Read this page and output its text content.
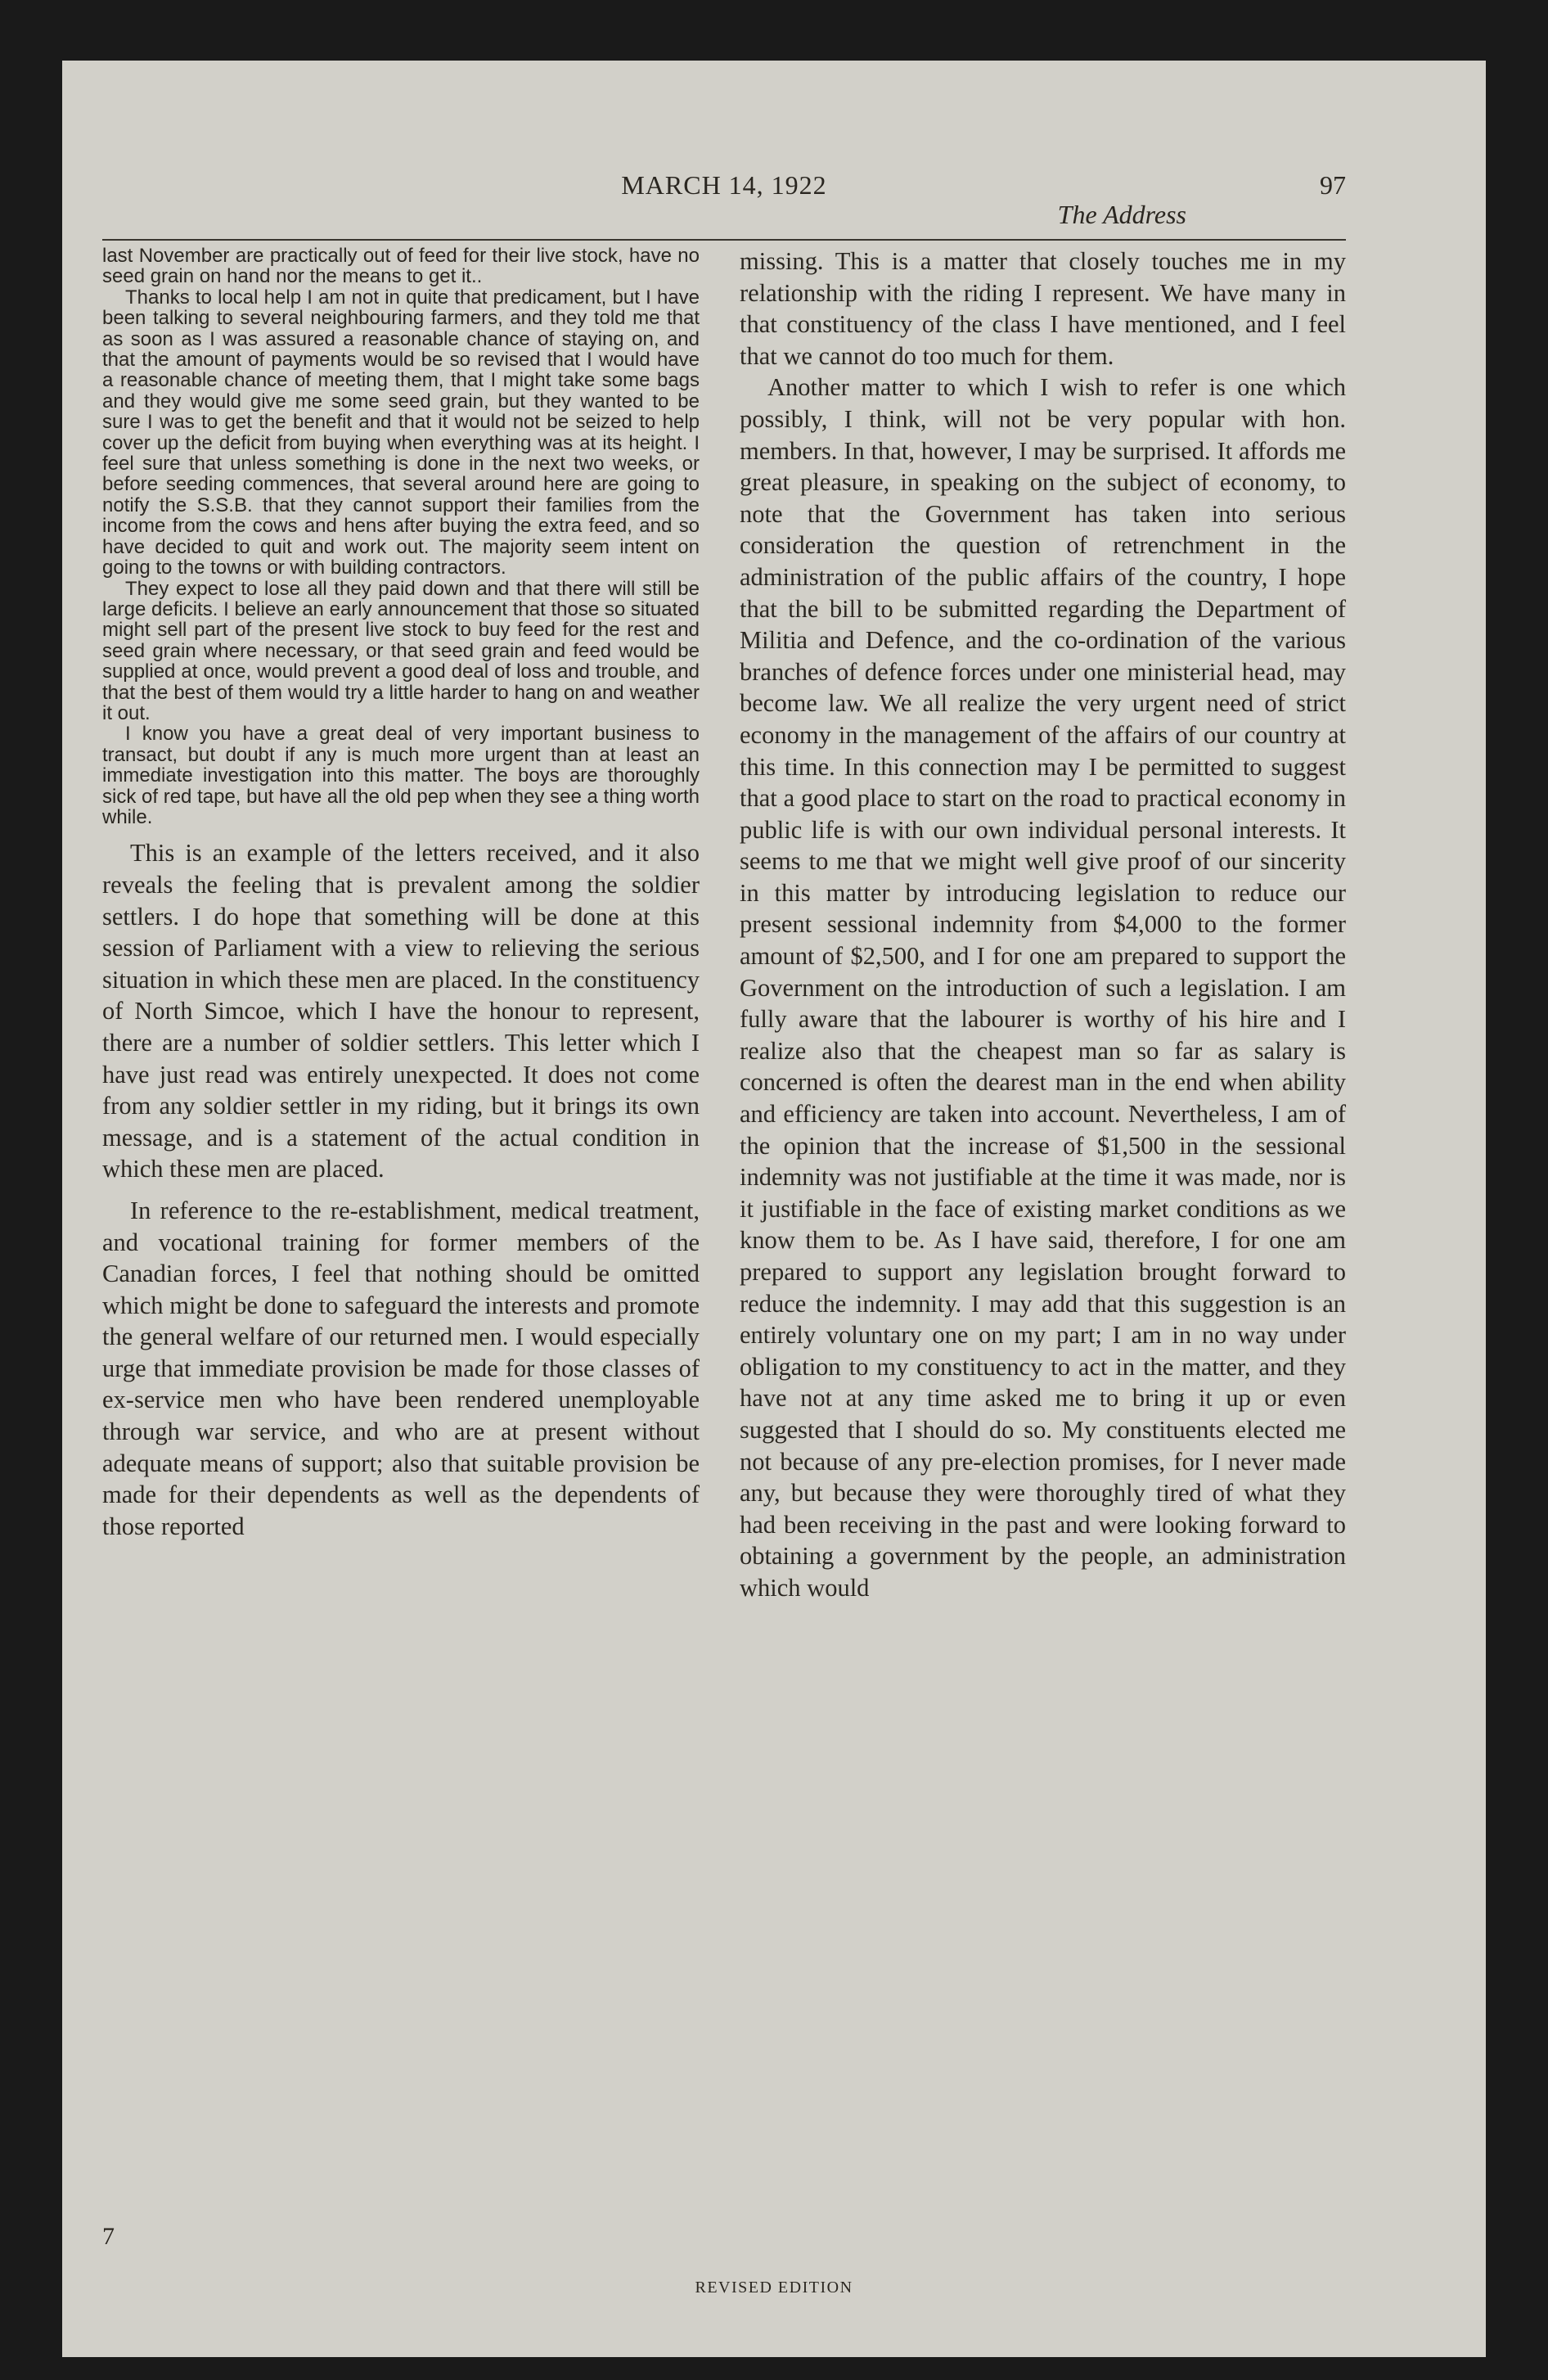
MARCH 14, 1922	97
The Address

last November are practically out of feed for their live stock, have no seed grain on hand nor the means to get it..

Thanks to local help I am not in quite that predicament, but I have been talking to several neighbouring farmers, and they told me that as soon as I was assured a reasonable chance of staying on, and that the amount of payments would be so revised that I would have a reasonable chance of meeting them, that I might take some bags and they would give me some seed grain, but they wanted to be sure I was to get the benefit and that it would not be seized to help cover up the deficit from buying when everything was at its height. I feel sure that unless something is done in the next two weeks, or before seeding commences, that several around here are going to notify the S.S.B. that they cannot support their families from the income from the cows and hens after buying the extra feed, and so have decided to quit and work out. The majority seem intent on going to the towns or with building contractors.

They expect to lose all they paid down and that there will still be large deficits. I believe an early announcement that those so situated might sell part of the present live stock to buy feed for the rest and seed grain where necessary, or that seed grain and feed would be supplied at once, would prevent a good deal of loss and trouble, and that the best of them would try a little harder to hang on and weather it out.

I know you have a great deal of very important business to transact, but doubt if any is much more urgent than at least an immediate investigation into this matter. The boys are thoroughly sick of red tape, but have all the old pep when they see a thing worth while.

This is an example of the letters received, and it also reveals the feeling that is prevalent among the soldier settlers. I do hope that something will be done at this session of Parliament with a view to relieving the serious situation in which these men are placed. In the constituency of North Simcoe, which I have the honour to represent, there are a number of soldier settlers. This letter which I have just read was entirely unexpected. It does not come from any soldier settler in my riding, but it brings its own message, and is a statement of the actual condition in which these men are placed.

In reference to the re-establishment, medical treatment, and vocational training for former members of the Canadian forces, I feel that nothing should be omitted which might be done to safeguard the interests and promote the general welfare of our returned men. I would especially urge that immediate provision be made for those classes of ex-service men who have been rendered unemployable through war service, and who are at present without adequate means of support; also that suitable provision be made for their dependents as well as the dependents of those reported

missing. This is a matter that closely touches me in my relationship with the riding I represent. We have many in that constituency of the class I have mentioned, and I feel that we cannot do too much for them.

Another matter to which I wish to refer is one which possibly, I think, will not be very popular with hon. members. In that, however, I may be surprised. It affords me great pleasure, in speaking on the subject of economy, to note that the Government has taken into serious consideration the question of retrenchment in the administration of the public affairs of the country, I hope that the bill to be submitted regarding the Department of Militia and Defence, and the co-ordination of the various branches of defence forces under one ministerial head, may become law. We all realize the very urgent need of strict economy in the management of the affairs of our country at this time. In this connection may I be permitted to suggest that a good place to start on the road to practical economy in public life is with our own individual personal interests. It seems to me that we might well give proof of our sincerity in this matter by introducing legislation to reduce our present sessional indemnity from $4,000 to the former amount of $2,500, and I for one am prepared to support the Government on the introduction of such a legislation. I am fully aware that the labourer is worthy of his hire and I realize also that the cheapest man so far as salary is concerned is often the dearest man in the end when ability and efficiency are taken into account. Nevertheless, I am of the opinion that the increase of $1,500 in the sessional indemnity was not justifiable at the time it was made, nor is it justifiable in the face of existing market conditions as we know them to be. As I have said, therefore, I for one am prepared to support any legislation brought forward to reduce the indemnity. I may add that this suggestion is an entirely voluntary one on my part; I am in no way under obligation to my constituency to act in the matter, and they have not at any time asked me to bring it up or even suggested that I should do so. My constituents elected me not because of any pre-election promises, for I never made any, but because they were thoroughly tired of what they had been receiving in the past and were looking forward to obtaining a government by the people, an administration which would

7
REVISED EDITION
